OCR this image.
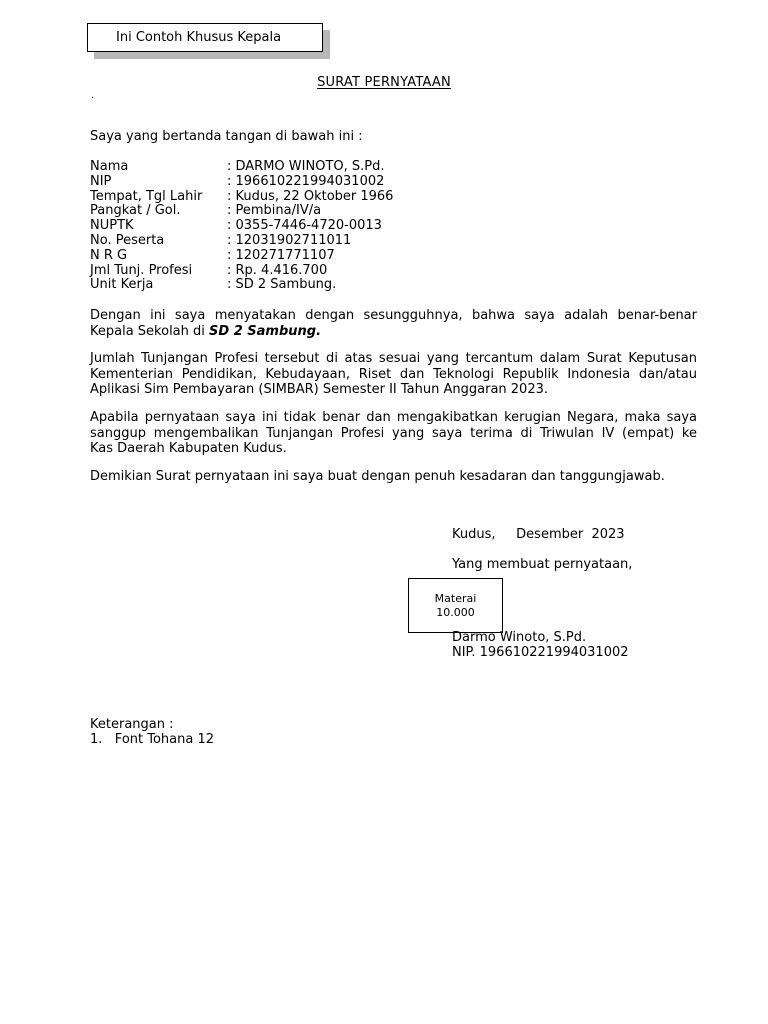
Ini Contoh Khusus Kepala
SURAT PERNYATAAN
.
Saya yang bertanda tangan di bawah ini :
Nama	: DARMO WINOTO, S.Pd.
NIP	: 196610221994031002
Tempat, Tgl Lahir : Kudus, 22 Oktober 1966
Pangkat / Gol.	: Pembina/IV/a
NUPTK	: 0355-7446-4720-0013
No. Peserta	: 12031902711011
N R G	: 120271771107
Jml Tunj. Profesi	: Rp. 4.416.700
Unit Kerja	: SD 2 Sambung.
Dengan ini saya menyatakan dengan sesungguhnya, bahwa saya adalah benar-benar
Kepala Sekolah di SD 2 Sambung.
Jumlah Tunjangan Profesi tersebut di atas sesuai yang tercantum dalam Surat Keputusan
Kementerian Pendidikan, Kebudayaan, Riset dan Teknologi Republik Indonesia dan/atau
Aplikasi Sim Pembayaran (SIMBAR) Semester II Tahun Anggaran 2023.
Apabila pernyataan saya ini tidak benar dan mengakibatkan kerugian Negara, maka saya
sanggup mengembalikan Tunjangan Profesi yang saya terima di Triwulan IV (empat) ke
Kas Daerah Kabupaten Kudus.
Demikian Surat pernyataan ini saya buat dengan penuh kesadaran dan tanggungjawab.
Kudus,     Desember  2023
Yang membuat pernyataan,
Materai
10.000
Darmo Winoto, S.Pd.
NIP. 196610221994031002
Keterangan :
1.   Font Tohana 12
